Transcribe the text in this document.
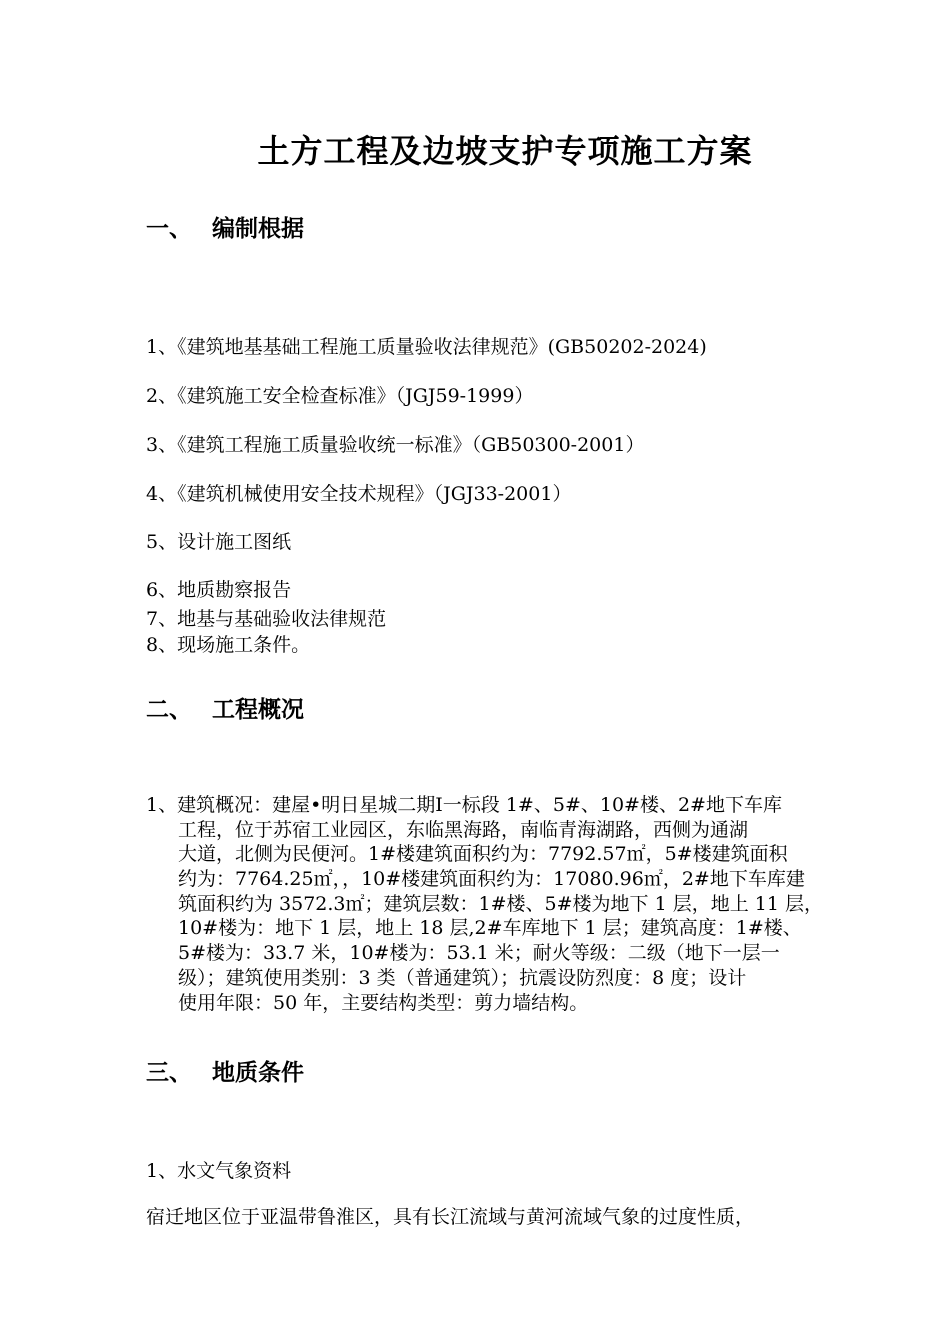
土方工程及边坡支护专项施工方案
一、 编制根据
1、《建筑地基基础工程施工质量验收法律规范》(GB50202-2024)
2、《建筑施工安全检查标准》（JGJ59-1999）
3、《建筑工程施工质量验收统一标准》（GB50300-2001）
4、《建筑机械使用安全技术规程》（JGJ33-2001）
5、设计施工图纸
6、地质勘察报告
7、地基与基础验收法律规范
8、现场施工条件。
二、 工程概况
1、建筑概况：建屋•明日星城二期Ⅰ一标段 1#、5#、10#楼、2#地下车库
工程，位于苏宿工业园区，东临黑海路，南临青海湖路，西侧为通湖
大道，北侧为民便河。1#楼建筑面积约为：7792.57㎡，5#楼建筑面积
约为：7764.25㎡，，10#楼建筑面积约为：17080.96㎡，2#地下车库建
筑面积约为 3572.3㎡；建筑层数：1#楼、5#楼为地下 1 层，地上 11 层，
10#楼为：地下 1 层，地上 18 层,2#车库地下 1 层；建筑高度：1#楼、
5#楼为：33.7 米，10#楼为：53.1 米；耐火等级：二级（地下一层一
级）；建筑使用类别：3 类（普通建筑）；抗震设防烈度：8 度；设计
使用年限：50 年，主要结构类型：剪力墙结构。
三、 地质条件
1、水文气象资料
宿迁地区位于亚温带鲁淮区，具有长江流域与黄河流域气象的过度性质，
